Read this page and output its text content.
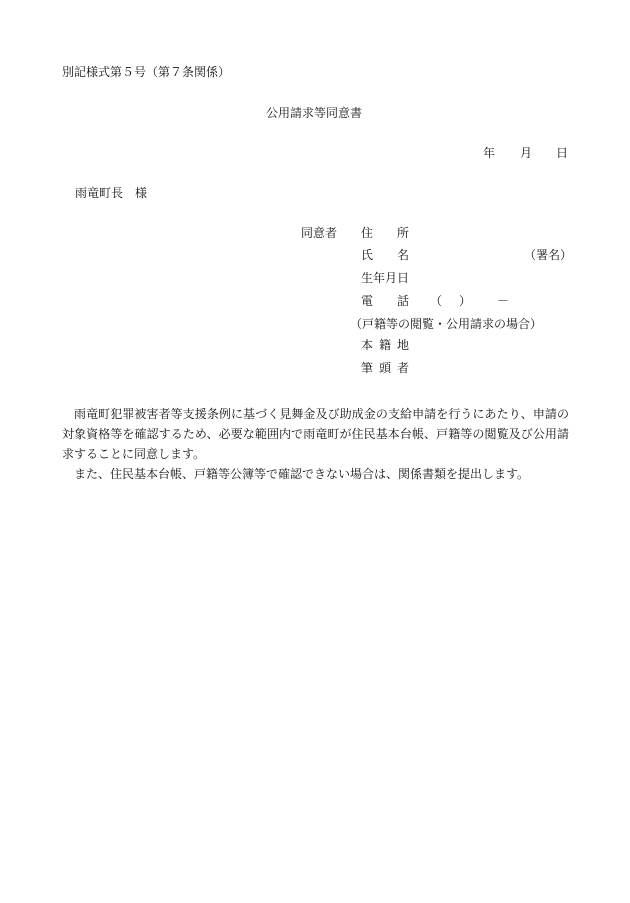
別記様式第５号（第７条関係）
公用請求等同意書
年 月 日
雨竜町長　様
同意者 住 所
氏 名	（署名）
生年月日
電 話 （ ） －
（戸籍等の閲覧・公用請求の場合）
本 籍 地
筆 頭 者

雨竜町犯罪被害者等支援条例に基づく見舞金及び助成金の支給申請を行うにあたり、申請の対象資格等を確認するため、必要な範囲内で雨竜町が住民基本台帳、戸籍等の閲覧及び公用請求することに同意します。

また、住民基本台帳、戸籍等公簿等で確認できない場合は、関係書類を提出します。
